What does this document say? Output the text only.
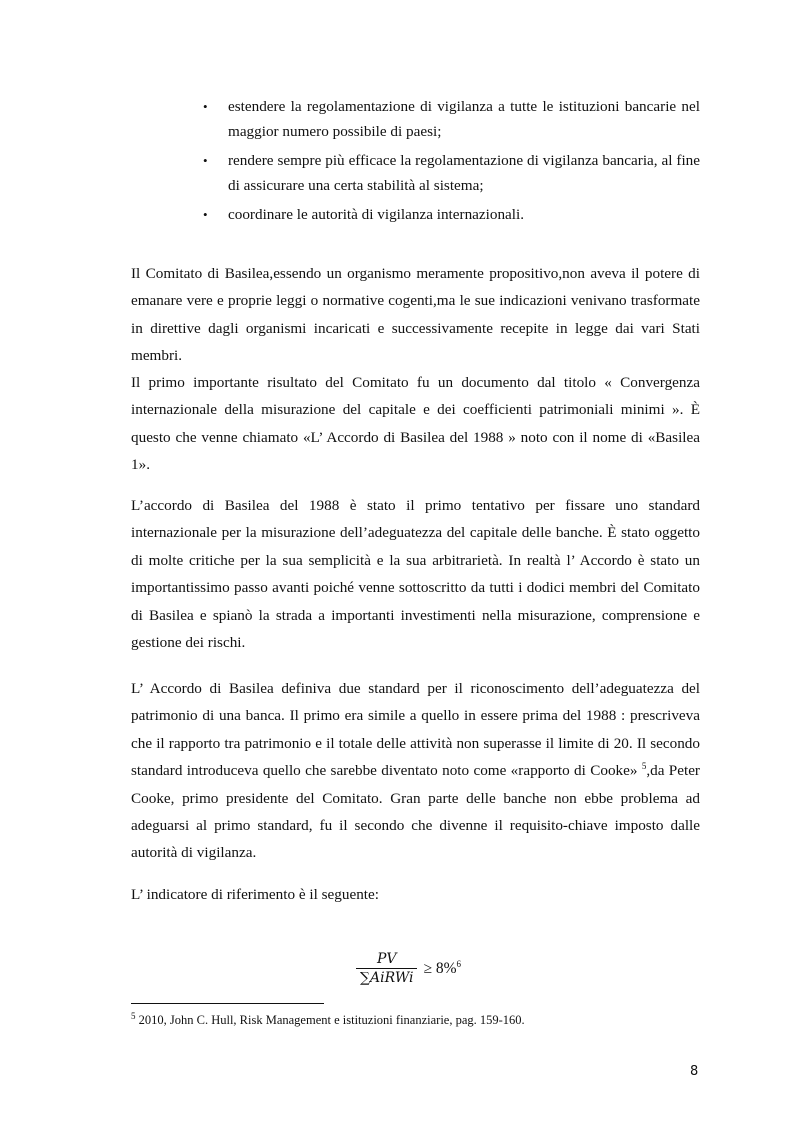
• estendere la regolamentazione di vigilanza a tutte le istituzioni bancarie nel maggior numero possibile di paesi;
• rendere sempre più efficace la regolamentazione di vigilanza bancaria, al fine di assicurare una certa stabilità al sistema;
• coordinare le autorità di vigilanza internazionali.

Il Comitato di Basilea,essendo un organismo meramente propositivo,non aveva il potere di emanare vere e proprie leggi o normative cogenti,ma le sue indicazioni venivano trasformate in direttive dagli organismi incaricati e successivamente recepite in legge dai vari Stati membri.

Il primo importante risultato del Comitato fu un documento dal titolo « Convergenza internazionale della misurazione del capitale e dei coefficienti patrimoniali minimi ». È questo che venne chiamato «L’ Accordo di Basilea del 1988 » noto con il nome di «Basilea 1».

L’accordo di Basilea del 1988 è stato il primo tentativo per fissare uno standard internazionale per la misurazione dell’adeguatezza del capitale delle banche. È stato oggetto di molte critiche per la sua semplicità e la sua arbitrarietà. In realtà l’ Accordo è stato un importantissimo passo avanti poiché venne sottoscritto da tutti i dodici membri del Comitato di Basilea e spianò la strada a importanti investimenti nella misurazione, comprensione e gestione dei rischi.

L’ Accordo di Basilea definiva due standard per il riconoscimento dell’adeguatezza del patrimonio di una banca. Il primo era simile a quello in essere prima del 1988 : prescriveva che il rapporto tra patrimonio e il totale delle attività non superasse il limite di 20. Il secondo standard introduceva quello che sarebbe diventato noto come «rapporto di Cooke» $^5$,da Peter Cooke, primo presidente del Comitato. Gran parte delle banche non ebbe problema ad adeguarsi al primo standard, fu il secondo che divenne il requisito-chiave imposto dalle autorità di vigilanza.

L’ indicatore di riferimento è il seguente:

$\frac{PV}{\text{∑AiRWi}} \ge 8\%^6$
$^5$ 2010, John C. Hull, Risk Management e istituzioni finanziarie, pag. 159-160.
8
